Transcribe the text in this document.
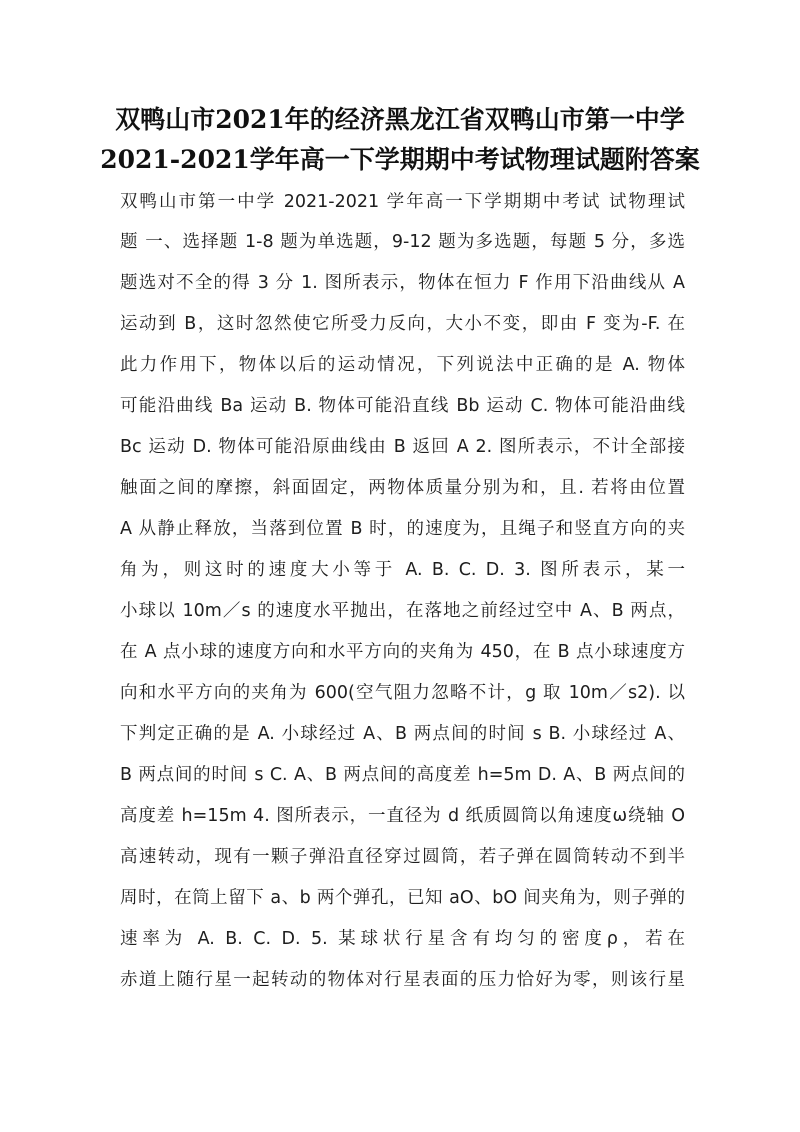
双鸭山市2021年的经济黑龙江省双鸭山市第一中学
2021-2021学年高一下学期期中考试物理试题附答案
双鸭山市第一中学 2021-2021 学年高一下学期期中考试 试物理试
题 一、选择题 1-8 题为单选题，9-12 题为多选题，每题 5 分，多选
题选对不全的得 3 分 1. 图所表示，物体在恒力 F 作用下沿曲线从 A
运动到 B，这时忽然使它所受力反向，大小不变，即由 F 变为-F. 在
此力作用下，物体以后的运动情况，下列说法中正确的是 A. 物体
可能沿曲线 Ba 运动 B. 物体可能沿直线 Bb 运动 C. 物体可能沿曲线
Bc 运动 D. 物体可能沿原曲线由 B 返回 A 2. 图所表示，不计全部接
触面之间的摩擦，斜面固定，两物体质量分别为和，且. 若将由位置
A 从静止释放，当落到位置 B 时，的速度为，且绳子和竖直方向的夹
角为，则这时的速度大小等于 A. B. C. D. 3. 图所表示，某一
小球以 10m／s 的速度水平抛出，在落地之前经过空中 A、B 两点，
在 A 点小球的速度方向和水平方向的夹角为 450，在 B 点小球速度方
向和水平方向的夹角为 600(空气阻力忽略不计，g 取 10m／s2). 以
下判定正确的是 A. 小球经过 A、B 两点间的时间 s B. 小球经过 A、
B 两点间的时间 s C. A、B 两点间的高度差 h=5m D. A、B 两点间的
高度差 h=15m 4. 图所表示，一直径为 d 纸质圆筒以角速度ω绕轴 O
高速转动，现有一颗子弹沿直径穿过圆筒，若子弹在圆筒转动不到半
周时，在筒上留下 a、b 两个弹孔，已知 aO、bO 间夹角为，则子弹的
速率为 A. B. C. D. 5. 某球状行星含有均匀的密度ρ，若在
赤道上随行星一起转动的物体对行星表面的压力恰好为零，则该行星
